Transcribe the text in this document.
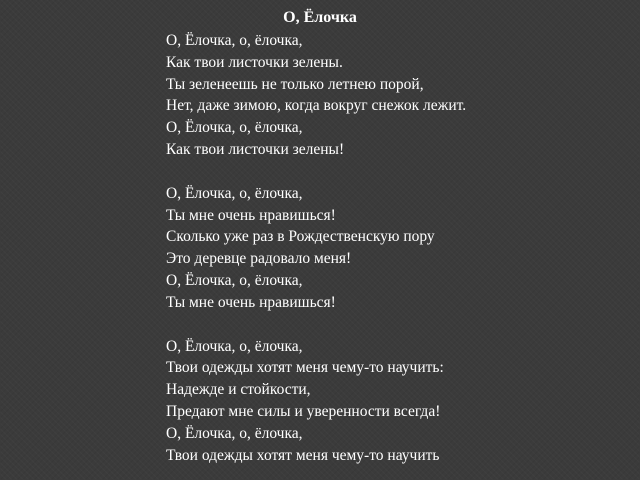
О, Ёлочка
О, Ёлочка, о, ёлочка,
Как твои листочки зелены.
Ты зеленеешь не только летнею порой,
Нет, даже зимою, когда вокруг снежок лежит.
О, Ёлочка, о, ёлочка,
Как твои листочки зелены!
О, Ёлочка, о, ёлочка,
Ты мне очень нравишься!
Сколько уже раз в Рождественскую пору
Это деревце радовало меня!
О, Ёлочка, о, ёлочка,
Ты мне очень нравишься!
О, Ёлочка, о, ёлочка,
Твои одежды хотят меня чему-то научить:
Надежде и стойкости,
Предают мне силы и уверенности всегда!
О, Ёлочка, о, ёлочка,
Твои одежды хотят меня чему-то научить
